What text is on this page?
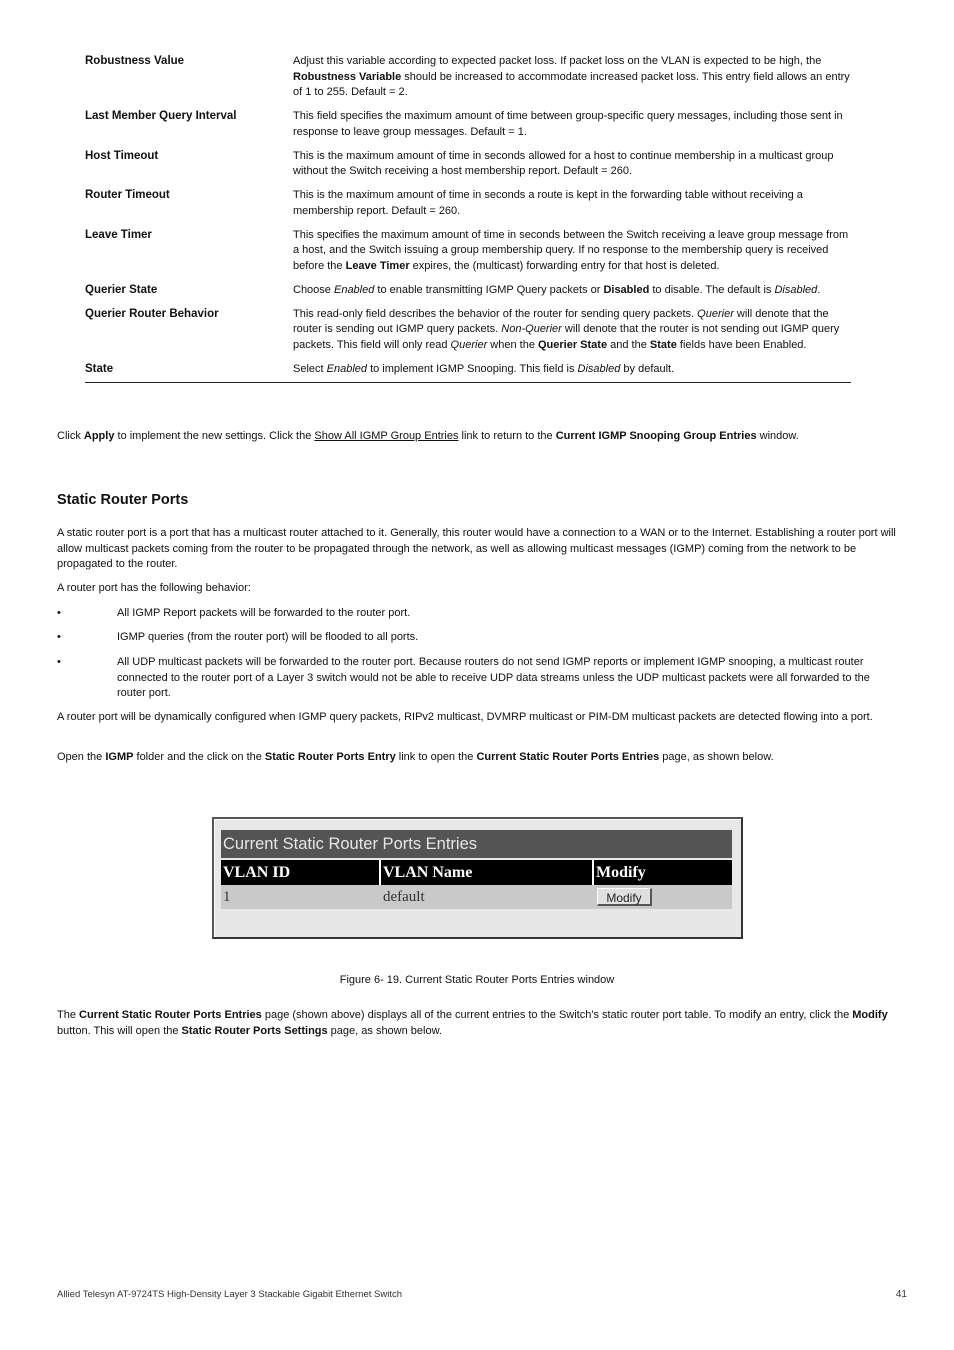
Robustness Value	Adjust this variable according to expected packet loss. If packet loss on the VLAN is expected to be high, the Robustness Variable should be increased to accommodate increased packet loss. This entry field allows an entry of 1 to 255. Default = 2.
Last Member Query Interval	This field specifies the maximum amount of time between group-specific query messages, including those sent in response to leave group messages. Default = 1.
Host Timeout	This is the maximum amount of time in seconds allowed for a host to continue membership in a multicast group without the Switch receiving a host membership report. Default = 260.
Router Timeout	This is the maximum amount of time in seconds a route is kept in the forwarding table without receiving a membership report. Default = 260.
Leave Timer	This specifies the maximum amount of time in seconds between the Switch receiving a leave group message from a host, and the Switch issuing a group membership query. If no response to the membership query is received before the Leave Timer expires, the (multicast) forwarding entry for that host is deleted.
Querier State	Choose Enabled to enable transmitting IGMP Query packets or Disabled to disable. The default is Disabled.
Querier Router Behavior	This read-only field describes the behavior of the router for sending query packets. Querier will denote that the router is sending out IGMP query packets. Non-Querier will denote that the router is not sending out IGMP query packets. This field will only read Querier when the Querier State and the State fields have been Enabled.
State	Select Enabled to implement IGMP Snooping. This field is Disabled by default.

Click Apply to implement the new settings. Click the Show All IGMP Group Entries link to return to the Current IGMP Snooping Group Entries window.

Static Router Ports

A static router port is a port that has a multicast router attached to it. Generally, this router would have a connection to a WAN or to the Internet. Establishing a router port will allow multicast packets coming from the router to be propagated through the network, as well as allowing multicast messages (IGMP) coming from the network to be propagated to the router.

A router port has the following behavior:

•	All IGMP Report packets will be forwarded to the router port.
•	IGMP queries (from the router port) will be flooded to all ports.
•	All UDP multicast packets will be forwarded to the router port. Because routers do not send IGMP reports or implement IGMP snooping, a multicast router connected to the router port of a Layer 3 switch would not be able to receive UDP data streams unless the UDP multicast packets were all forwarded to the router port.

A router port will be dynamically configured when IGMP query packets, RIPv2 multicast, DVMRP multicast or PIM-DM multicast packets are detected flowing into a port.

Open the IGMP folder and the click on the Static Router Ports Entry link to open the Current Static Router Ports Entries page, as shown below.

Current Static Router Ports Entries
VLAN ID	VLAN Name	Modify
1	default	Modify
Figure 6- 19. Current Static Router Ports Entries window

The Current Static Router Ports Entries page (shown above) displays all of the current entries to the Switch's static router port table. To modify an entry, click the Modify button. This will open the Static Router Ports Settings page, as shown below.

Allied Telesyn AT-9724TS High-Density Layer 3 Stackable Gigabit Ethernet Switch	41
